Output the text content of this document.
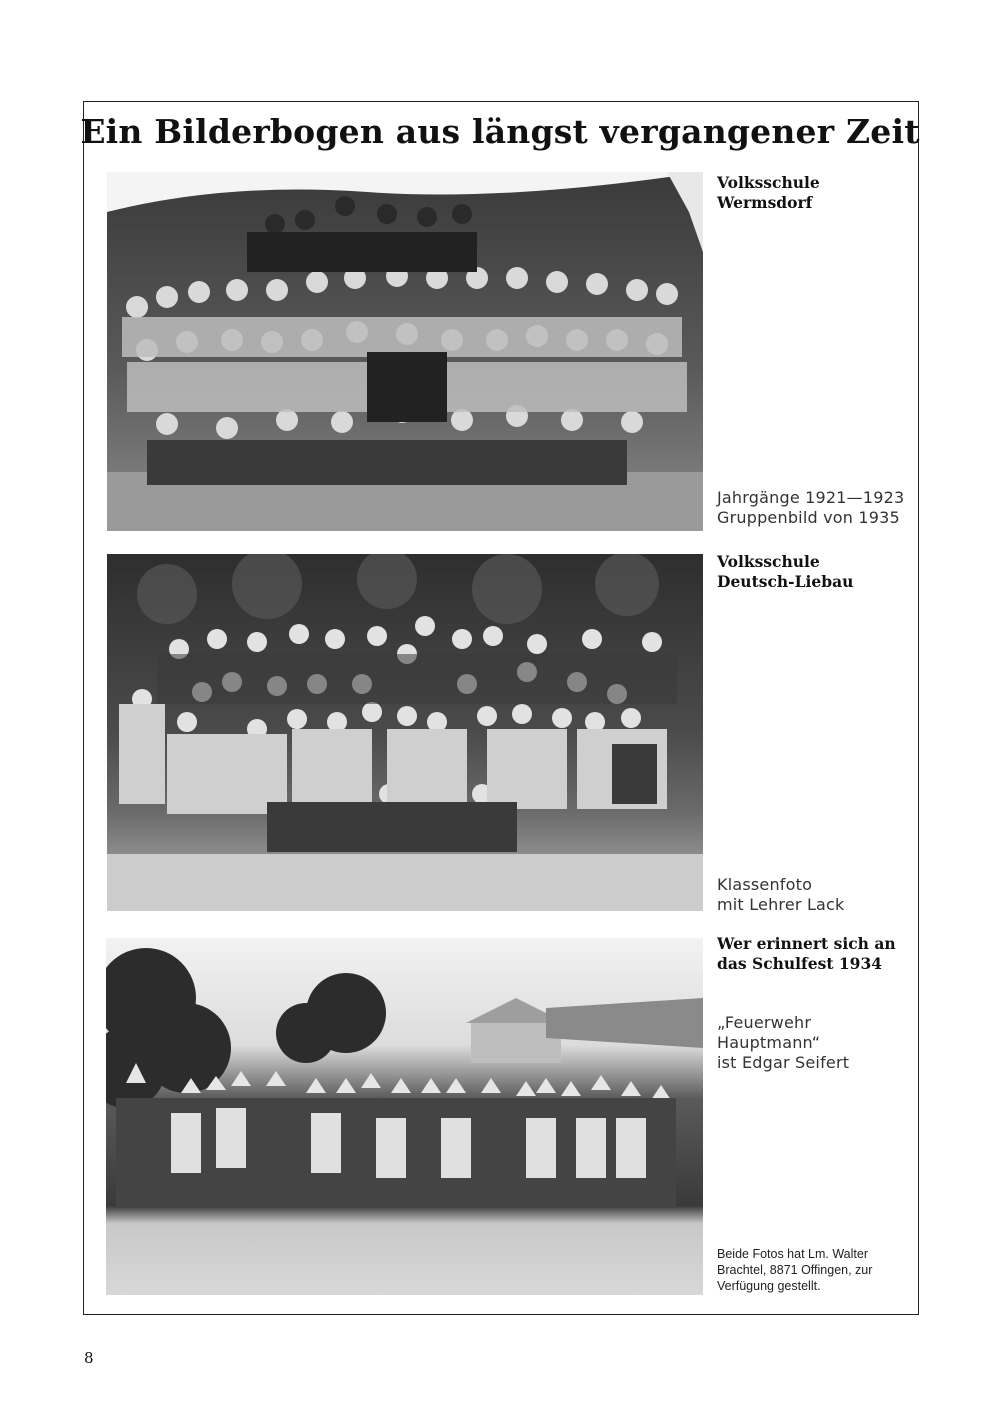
Ein Bilderbogen aus längst vergangener Zeit
Volksschule
Wermsdorf
Jahrgänge 1921—1923
Gruppenbild von 1935
Volksschule
Deutsch-Liebau
Klassenfoto
mit Lehrer Lack
Wer erinnert sich an
das Schulfest 1934
„Feuerwehr
Hauptmann“
ist Edgar Seifert
Beide Fotos hat Lm. Walter
Brachtel, 8871 Offingen, zur
Verfügung gestellt.
8
